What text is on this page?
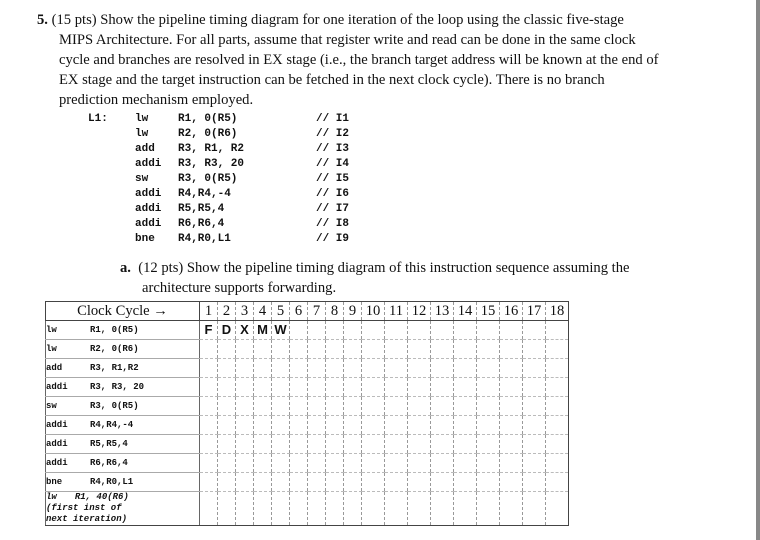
5. (15 pts) Show the pipeline timing diagram for one iteration of the loop using the classic five-stage
MIPS Architecture. For all parts, assume that register write and read can be done in the same clock
cycle and branches are resolved in EX stage (i.e., the branch target address will be known at the end of
EX stage and the target instruction can be fetched in the next clock cycle). There is no branch
prediction mechanism employed.
L1: lw	R1, 0(R5)	// I1
lw	R2, 0(R6)	// I2
add R3, R1, R2	// I3
addi R3, R3, 20	// I4
sw	R3, 0(R5)	// I5
addi R4,R4,-4	// I6
addi R5,R5,4	// I7
addi R6,R6,4	// I8
bne R4,R0,L1	// I9
a. (12 pts) Show the pipeline timing diagram of this instruction sequence assuming the
architecture supports forwarding.
Clock Cycle →		1	2	3	4	5	6	7	8	9	10	11	12	13	14	15	16	17	18
lw	R1, 0(R5)	F	D	X	M	W													
lw	R2, 0(R6)																		
add	R3, R1,R2																		
addi	R3, R3, 20																		
sw	R3, 0(R5)																		
addi	R4,R4,-4																		
addi	R5,R5,4																		
addi	R6,R6,4																		
bne	R4,R0,L1																		
lw R1, 40(R6)
(first inst of
next iteration)																			
